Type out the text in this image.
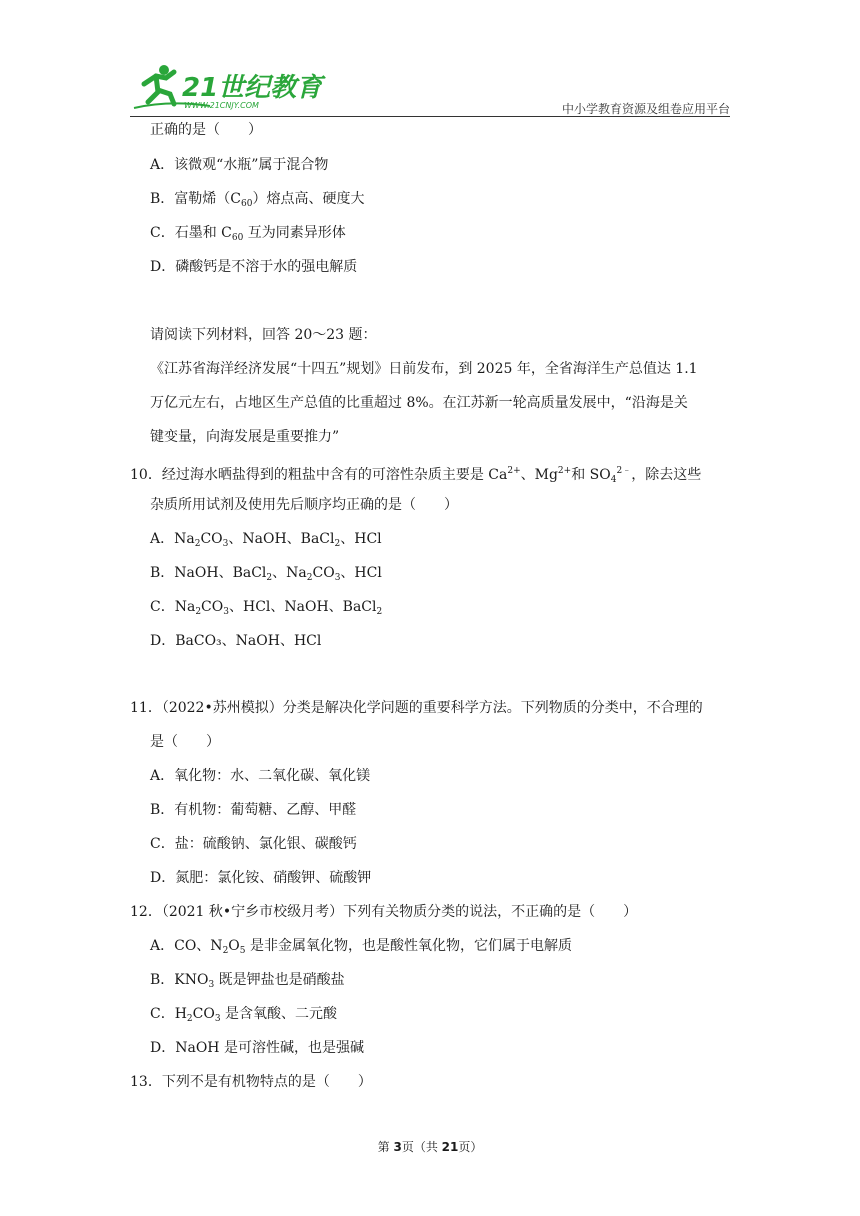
21世纪教育
WWW.21CNJY.COM	中小学教育资源及组卷应用平台
正确的是（　　）
A．该微观“水瓶”属于混合物
B．富勒烯$(C_{60})$熔点高、硬度大
C．石墨和 $C_{60}$ 互为同素异形体
D．磷酸钙是不溶于水的强电解质
请阅读下列材料，回答 20～23 题：
《江苏省海洋经济发展“十四五”规划》日前发布，到 2025 年，全省海洋生产总值达 1.1
万亿元左右，占地区生产总值的比重超过 8%。在江苏新一轮高质量发展中，“沿海是关
键变量，向海发展是重要推力”
10．经过海水晒盐得到的粗盐中含有的可溶性杂质主要是 $Ca^{2+}$、$Mg^{2+}$和 $SO_4^{2﹣}$，除去这些
杂质所用试剂及使用先后顺序均正确的是（　　）
A．$Na_2CO_3$、NaOH、BaCl$_2$、HCl
B．NaOH、BaCl$_2$、$Na_2CO_3$、HCl
C．$Na_2CO_3$、HCl、NaOH、BaCl$_2$
D．BaCO₃、NaOH、HCl
11．（2022•苏州模拟）分类是解决化学问题的重要科学方法。下列物质的分类中，不合理的
是（　　）
A．氧化物：水、二氧化碳、氧化镁
B．有机物：葡萄糖、乙醇、甲醛
C．盐：硫酸钠、氯化银、碳酸钙
D．氮肥：氯化铵、硝酸钾、硫酸钾
12．（2021 秋•宁乡市校级月考）下列有关物质分类的说法，不正确的是（　　）
A．CO、$N_2O_5$ 是非金属氧化物，也是酸性氧化物，它们属于电解质
B．$KNO_3$ 既是钾盐也是硝酸盐
C．$H_2CO_3$ 是含氧酸、二元酸
D．NaOH 是可溶性碱，也是强碱
13．下列不是有机物特点的是（　　）
第 3页（共 21页）
